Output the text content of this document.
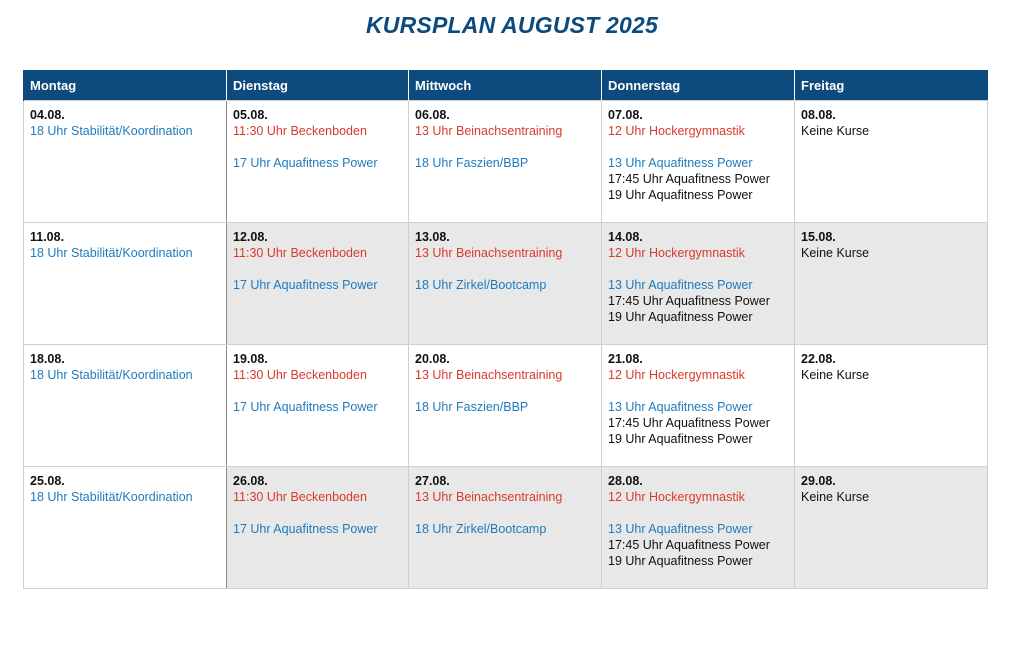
KURSPLAN AUGUST 2025
Montag	Dienstag	Mittwoch	Donnerstag	Freitag

04.08.
18 Uhr Stabilität/Koordination	05.08.
11:30 Uhr Beckenboden
17 Uhr Aquafitness Power	06.08.
13 Uhr Beinachsentraining
18 Uhr Faszien/BBP	07.08.
12 Uhr Hockergymnastik
13 Uhr Aquafitness Power
17:45 Uhr Aquafitness Power
19 Uhr Aquafitness Power	08.08.
Keine Kurse

11.08.
18 Uhr Stabilität/Koordination	12.08.
11:30 Uhr Beckenboden
17 Uhr Aquafitness Power	13.08.
13 Uhr Beinachsentraining
18 Uhr Zirkel/Bootcamp	14.08.
12 Uhr Hockergymnastik
13 Uhr Aquafitness Power
17:45 Uhr Aquafitness Power
19 Uhr Aquafitness Power	15.08.
Keine Kurse

18.08.
18 Uhr Stabilität/Koordination	19.08.
11:30 Uhr Beckenboden
17 Uhr Aquafitness Power	20.08.
13 Uhr Beinachsentraining
18 Uhr Faszien/BBP	21.08.
12 Uhr Hockergymnastik
13 Uhr Aquafitness Power
17:45 Uhr Aquafitness Power
19 Uhr Aquafitness Power	22.08.
Keine Kurse

25.08.
18 Uhr Stabilität/Koordination	26.08.
11:30 Uhr Beckenboden
17 Uhr Aquafitness Power	27.08.
13 Uhr Beinachsentraining
18 Uhr Zirkel/Bootcamp	28.08.
12 Uhr Hockergymnastik
13 Uhr Aquafitness Power
17:45 Uhr Aquafitness Power
19 Uhr Aquafitness Power	29.08.
Keine Kurse
